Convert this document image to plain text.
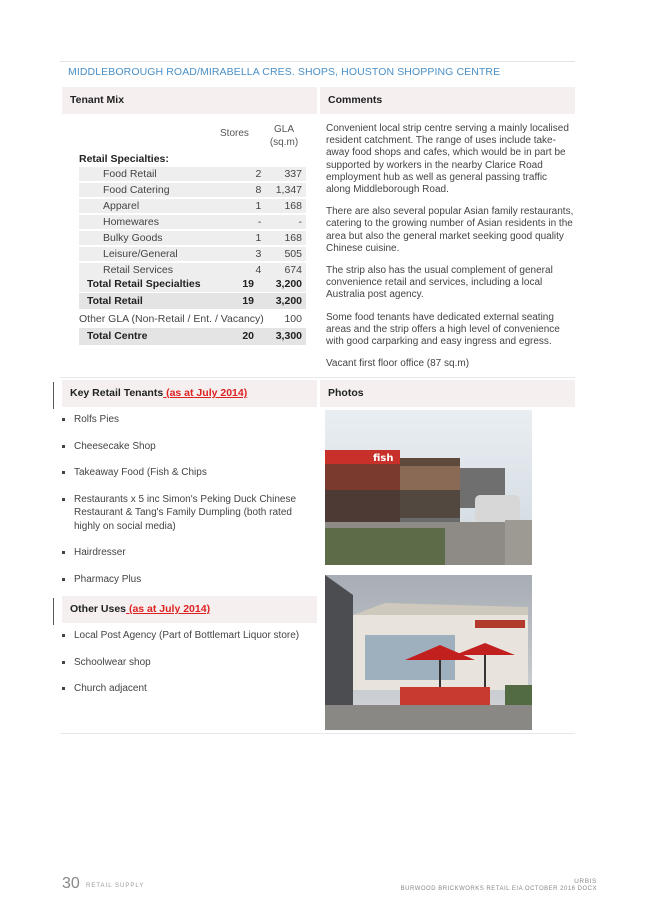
MIDDLEBOROUGH ROAD/MIRABELLA CRES. SHOPS, HOUSTON SHOPPING CENTRE
Tenant Mix	Comments
Stores	GLA (sq.m)
Retail Specialties:
Food Retail	2	337
Food Catering	8	1,347
Apparel	1	168
Homewares	-	-
Bulky Goods	1	168
Leisure/General	3	505
Retail Services	4	674
Total Retail Specialties	19 3,200
Total Retail	19 3,200
Other GLA (Non-Retail / Ent. / Vacancy) 100
Total Centre	20 3,300

Convenient local strip centre serving a mainly localised resident catchment. The range of uses include take-away food shops and cafes, which would be in part be supported by workers in the nearby Clarice Road employment hub as well as general passing traffic along Middleborough Road.

There are also several popular Asian family restaurants, catering to the growing number of Asian residents in the area but also the general market seeking good quality Chinese cuisine.

The strip also has the usual complement of general convenience retail and services, including a local Australia post agency.

Some food tenants have dedicated external seating areas and the strip offers a high level of convenience with good carparking and easy ingress and egress.

Vacant first floor office (87 sq.m)

Key Retail Tenants (as at July 2014)	Photos
Rolfs Pies
Cheesecake Shop
Takeaway Food (Fish & Chips
Restaurants x 5 inc Simon's Peking Duck Chinese Restaurant & Tang's Family Dumpling (both rated highly on social media)
Hairdresser
Pharmacy Plus
Other Uses (as at July 2014)
Local Post Agency (Part of Bottlemart Liquor store)
Schoolwear shop
Church adjacent
fish
30 RETAIL SUPPLY
URBIS
BURWOOD BRICKWORKS RETAIL EIA OCTOBER 2016 DOCX
